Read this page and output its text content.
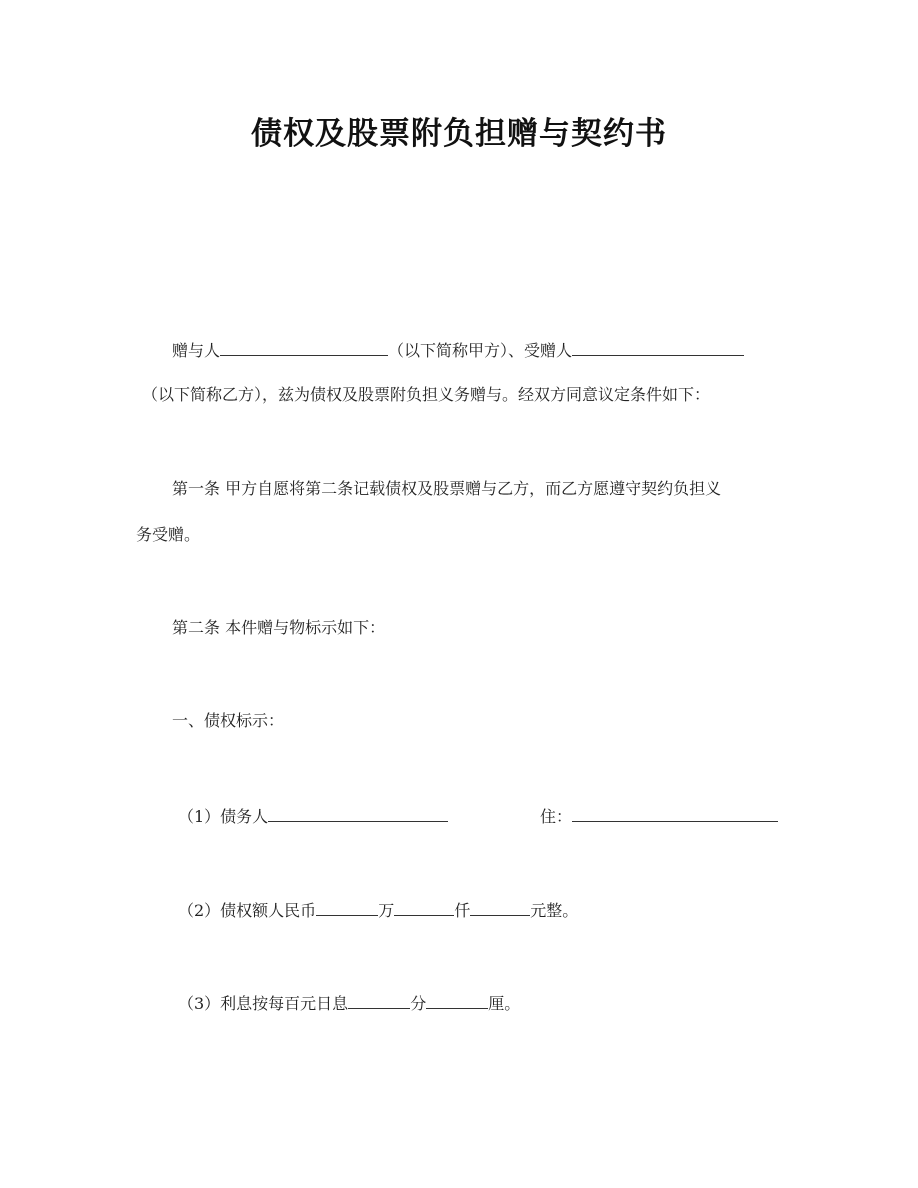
债权及股票附负担赠与契约书
赠与人	（以下简称甲方）、受赠人
（以下简称乙方），兹为债权及股票附负担义务赠与。经双方同意议定条件如下：
第一条 甲方自愿将第二条记载债权及股票赠与乙方，而乙方愿遵守契约负担义
务受赠。
第二条 本件赠与物标示如下：
一、债权标示：
（1）债务人	住：
（2）债权额人民币	万	仟	元整。
（3）利息按每百元日息	分	厘。
